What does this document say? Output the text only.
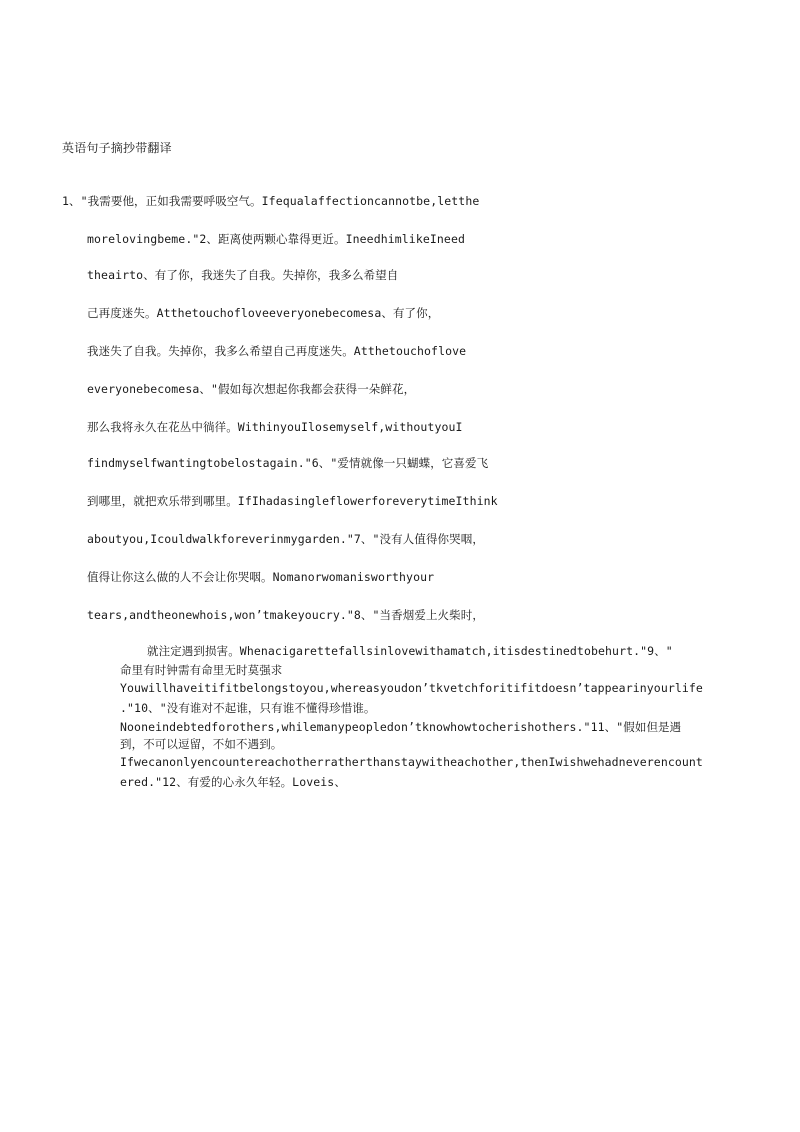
英语句子摘抄带翻译
1、"我需要他，正如我需要呼吸空气。Ifequalaffectioncannotbe,letthe
morelovingbeme."2、距离使两颗心靠得更近。IneedhimlikeIneed
theairto、有了你，我迷失了自我。失掉你，我多么希望自
己再度迷失。Atthetouchofloveeveryonebecomesa、有了你，
我迷失了自我。失掉你，我多么希望自己再度迷失。Atthetouchoflove
everyonebecomesa、"假如每次想起你我都会获得一朵鲜花，
那么我将永久在花丛中徜徉。WithinyouIlosemyself,withoutyouI
findmyselfwantingtobelostagain."6、"爱情就像一只蝴蝶，它喜爱飞
到哪里，就把欢乐带到哪里。IfIhadasingleflowerforeverytimeIthink
aboutyou,Icouldwalkforeverinmygarden."7、"没有人值得你哭咽，
值得让你这么做的人不会让你哭咽。Nomanorwomanisworthyour
tears,andtheonewhois,won’tmakeyoucry."8、"当香烟爱上火柴时，
就注定遇到损害。Whenacigarettefallsinlovewithamatch,itisdestinedtobehurt."9、"
命里有时钟需有命里无时莫强求
Youwillhaveitifitbelongstoyou,whereasyoudon’tkvetchforitifitdoesn’tappearinyourlife
."10、"没有谁对不起谁，只有谁不懂得珍惜谁。
Nooneindebtedforothers,whilemanypeopledon’tknowhowtocherishothers."11、"假如但是遇
到，不可以逗留，不如不遇到。
Ifwecanonlyencountereachotherratherthanstaywitheachother,thenIwishwehadneverencount
ered."12、有爱的心永久年轻。Loveis、
